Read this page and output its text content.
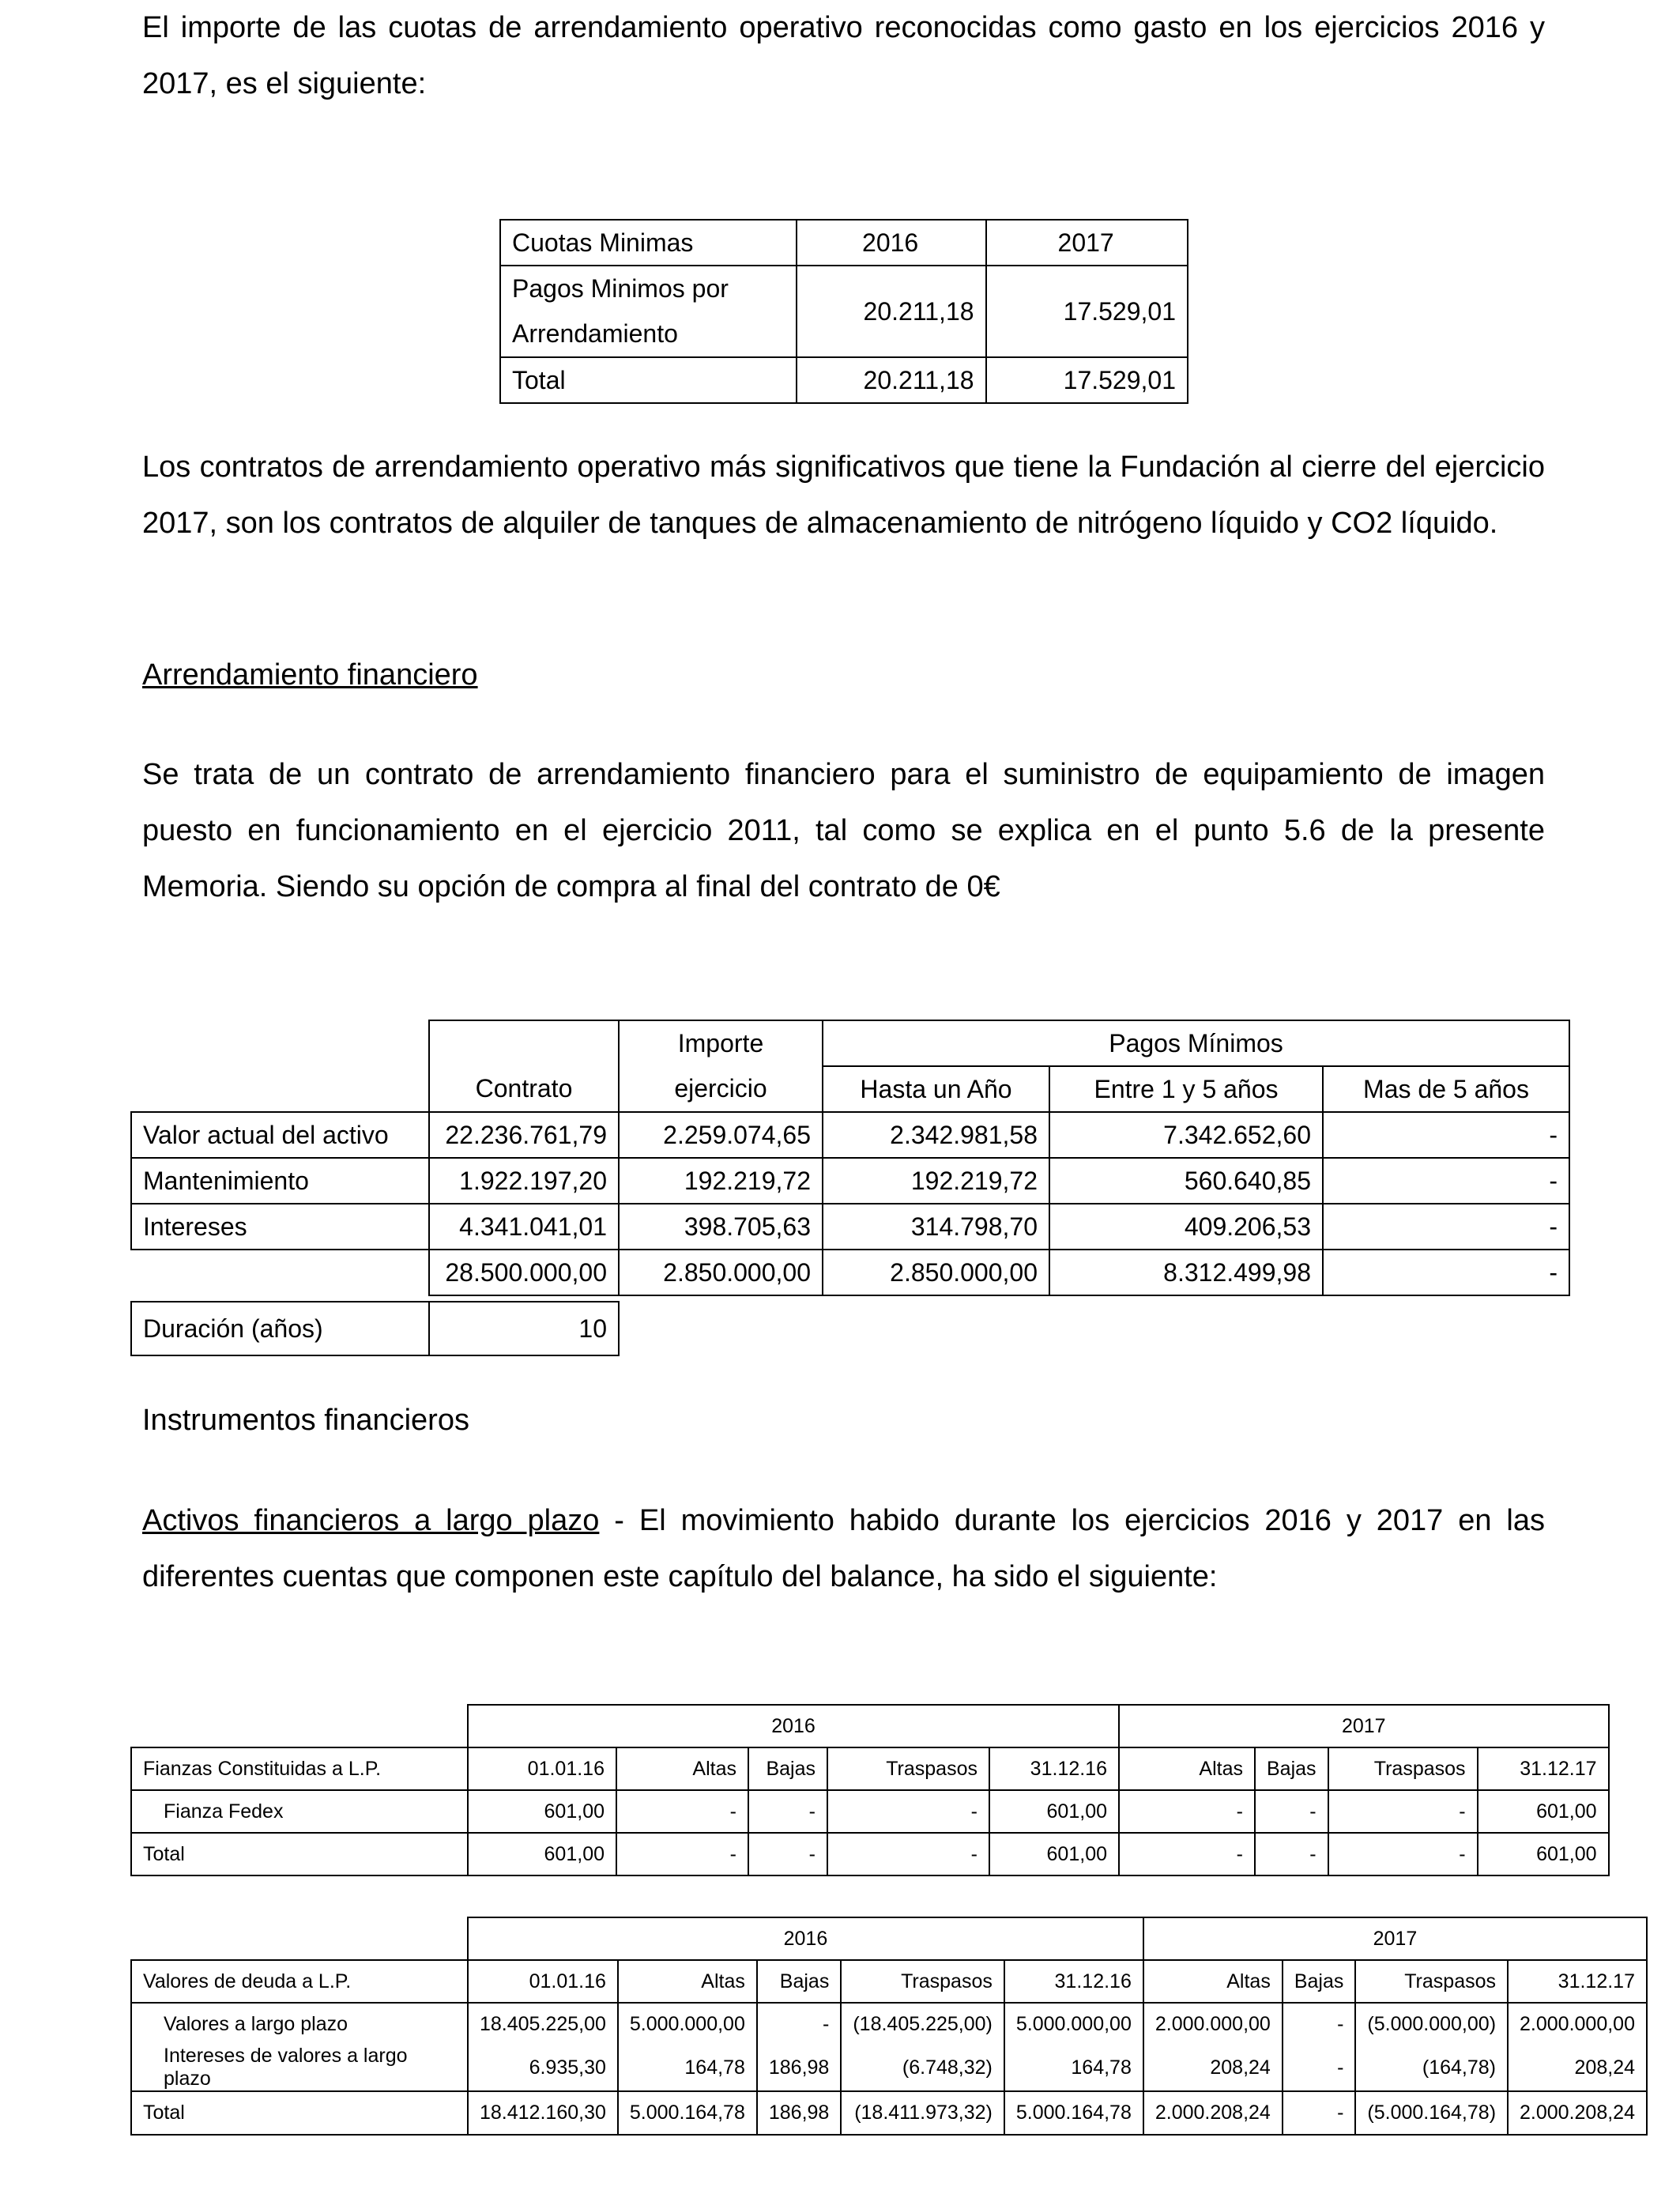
El importe de las cuotas de arrendamiento operativo reconocidas como gasto en los ejercicios 2016 y 2017, es el siguiente:

Cuotas Minimas	2016	2017
Pagos Minimos por
Arrendamiento	20.211,18	17.529,01
Total	20.211,18	17.529,01

Los contratos de arrendamiento operativo más significativos que tiene la Fundación al cierre del ejercicio 2017, son los contratos de alquiler de tanques de almacenamiento de nitrógeno líquido y CO2 líquido.

Arrendamiento financiero

Se trata de un contrato de arrendamiento financiero para el suministro de equipamiento de imagen puesto en funcionamiento en el ejercicio 2011, tal como se explica en el punto 5.6 de la presente Memoria. Siendo su opción de compra al final del contrato de 0€

		Importe	Pagos Mínimos		
	Contrato	ejercicio	Hasta un Año	Entre 1 y 5 años	Mas de 5 años
Valor actual del activo	22.236.761,79	2.259.074,65	2.342.981,58	7.342.652,60	-
Mantenimiento	1.922.197,20	192.219,72	192.219,72	560.640,85	-
Intereses	4.341.041,01	398.705,63	314.798,70	409.206,53	-
	28.500.000,00	2.850.000,00	2.850.000,00	8.312.499,98	-

Duración (años)	10				

Instrumentos financieros

Activos financieros a largo plazo - El movimiento habido durante los ejercicios 2016 y 2017 en las diferentes cuentas que componen este capítulo del balance, ha sido el siguiente:

	2016					2017			
Fianzas Constituidas a L.P.	01.01.16	Altas	Bajas	Traspasos	31.12.16	Altas	Bajas	Traspasos	31.12.17
Fianza Fedex	601,00	-	-	-	601,00	-	-	-	601,00
Total	601,00	-	-	-	601,00	-	-	-	601,00
	2016					2017			
Valores de deuda a L.P.	01.01.16	Altas	Bajas	Traspasos	31.12.16	Altas	Bajas	Traspasos	31.12.17
Valores a largo plazo	18.405.225,00	5.000.000,00	-	(18.405.225,00)	5.000.000,00	2.000.000,00	-	(5.000.000,00)	2.000.000,00
Intereses de valores a largo plazo	6.935,30	164,78	186,98	(6.748,32)	164,78	208,24	-	(164,78)	208,24
Total	18.412.160,30	5.000.164,78	186,98	(18.411.973,32)	5.000.164,78	2.000.208,24	-	(5.000.164,78)	2.000.208,24
